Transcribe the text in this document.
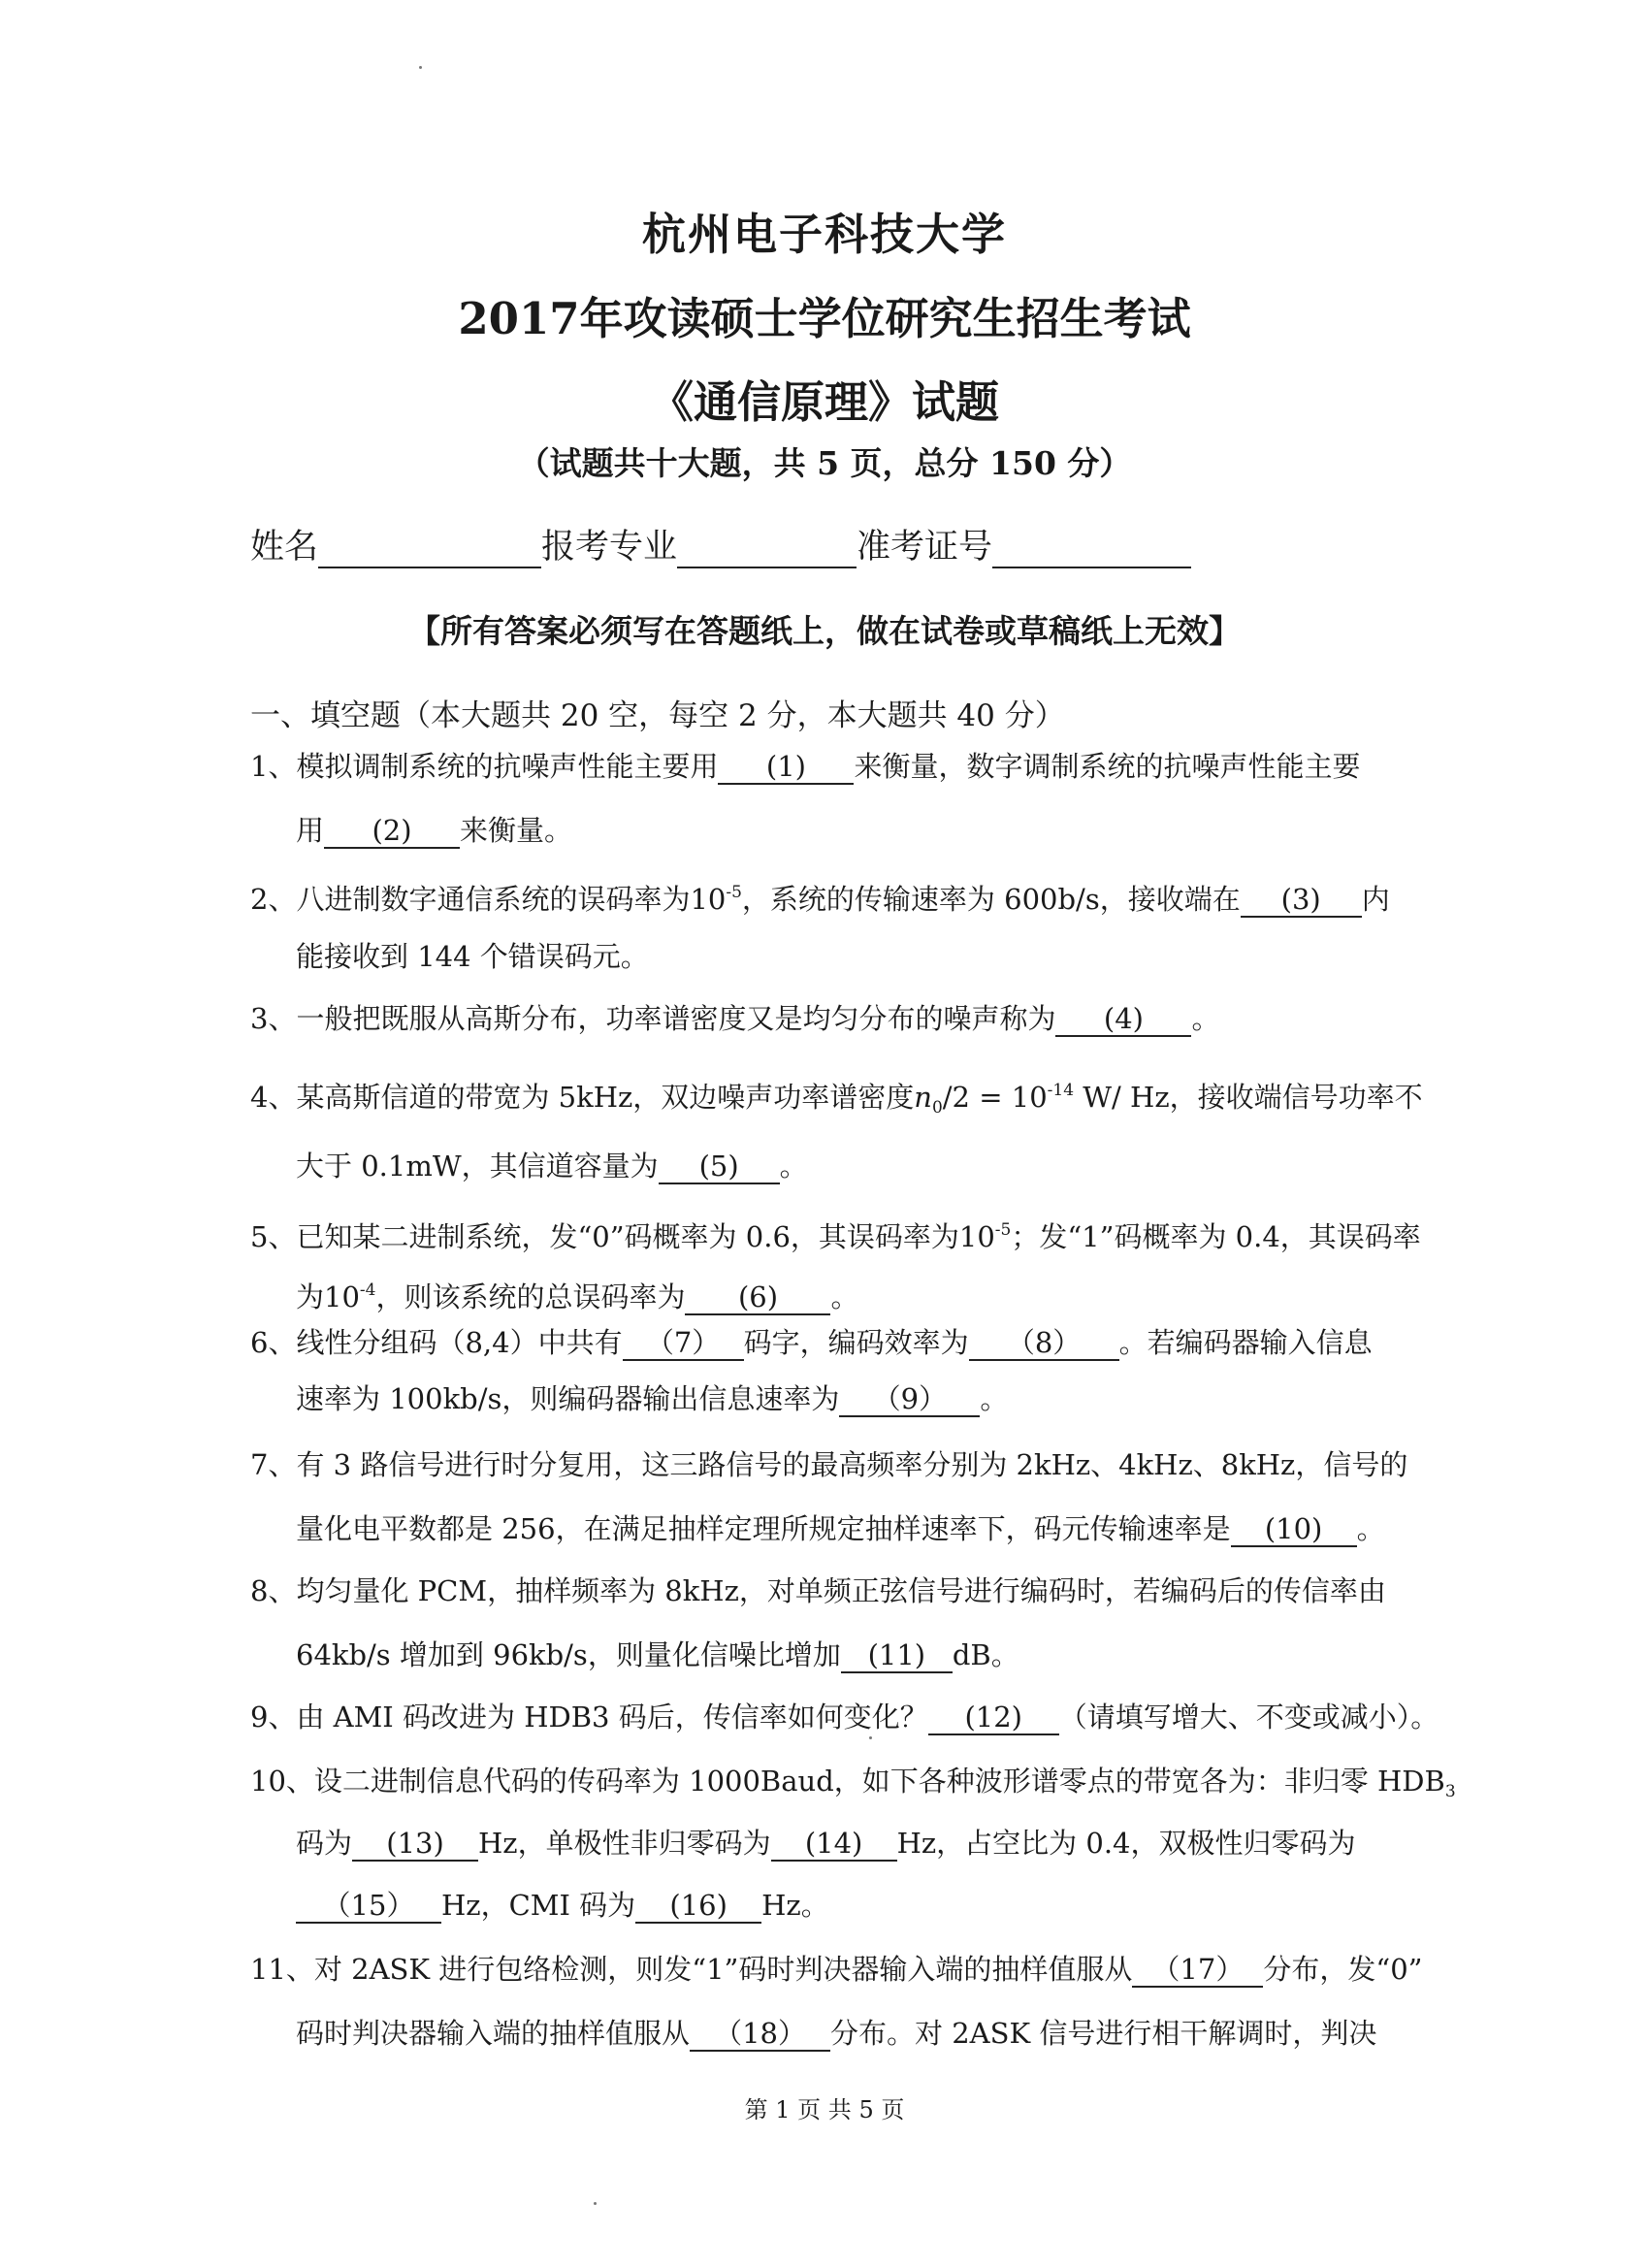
杭州电子科技大学
2017年攻读硕士学位研究生招生考试
《通信原理》试题
（试题共十大题，共 5 页，总分 150 分）
姓名	报考专业	准考证号
【所有答案必须写在答题纸上，做在试卷或草稿纸上无效】
一、填空题（本大题共 20 空，每空 2 分，本大题共 40 分）
1、模拟调制系统的抗噪声性能主要用 (1) 来衡量，数字调制系统的抗噪声性能主要
用 (2) 来衡量。
2、八进制数字通信系统的误码率为$10^{-5}$，系统的传输速率为 600b/s，接收端在 (3) 内
能接收到 144 个错误码元。
3、一般把既服从高斯分布，功率谱密度又是均匀分布的噪声称为 (4) 。
4、某高斯信道的带宽为 5kHz，双边噪声功率谱密度$n_0/2 = 10^{-14}$ W/ Hz，接收端信号功率不
大于 0.1mW，其信道容量为 (5) 。
5、已知某二进制系统，发“0”码概率为 0.6，其误码率为$10^{-5}$；发“1”码概率为 0.4，其误码率
为$10^{-4}$，则该系统的总误码率为 (6) 。
6、线性分组码（8,4）中共有 （7） 码字，编码效率为 （8） 。若编码器输入信息
速率为 100kb/s，则编码器输出信息速率为 （9） 。
7、有 3 路信号进行时分复用，这三路信号的最高频率分别为 2kHz、4kHz、8kHz，信号的
量化电平数都是 256，在满足抽样定理所规定抽样速率下，码元传输速率是 (10) 。
8、均匀量化 PCM，抽样频率为 8kHz，对单频正弦信号进行编码时，若编码后的传信率由
64kb/s 增加到 96kb/s，则量化信噪比增加 (11) dB。
9、由 AMI 码改进为 HDB3 码后，传信率如何变化？ (12) （请填写增大、不变或减小）。
10、设二进制信息代码的传码率为 1000Baud，如下各种波形谱零点的带宽各为：非归零 $HDB_3$
码为 (13) Hz，单极性非归零码为 (14) Hz，占空比为 0.4，双极性归零码为
（15） Hz，CMI 码为 (16) Hz。
11、对 2ASK 进行包络检测，则发“1”码时判决器输入端的抽样值服从 （17） 分布，发“0”
码时判决器输入端的抽样值服从 （18） 分布。对 2ASK 信号进行相干解调时，判决
第 1 页 共 5 页
